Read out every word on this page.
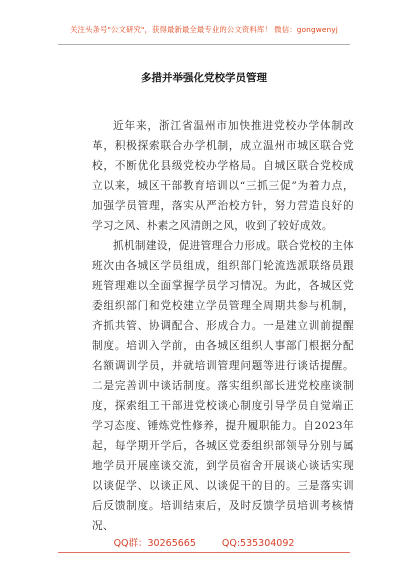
关注头条号"公文研究"，获得最新最全最专业的公文资料库！ 微信：gongwenyj
多措并举强化党校学员管理

近年来，浙江省温州市加快推进党校办学体制改革，积极探索联合办学机制，成立温州市城区联合党校，不断优化县级党校办学格局。自城区联合党校成立以来，城区干部教育培训以“三抓三促”为着力点，加强学员管理，落实从严治校方针，努力营造良好的学习之风、朴素之风清朗之风，收到了较好成效。

抓机制建设，促进管理合力形成。联合党校的主体班次由各城区学员组成，组织部门轮流选派联络员跟班管理难以全面掌握学员学习情况。为此，各城区党委组织部门和党校建立学员管理全周期共参与机制，齐抓共管、协调配合、形成合力。一是建立训前提醒制度。培训入学前，由各城区组织人事部门根据分配名额调训学员，并就培训管理问题等进行谈话提醒。二是完善训中谈话制度。落实组织部长进党校座谈制度，探索组工干部进党校谈心制度引导学员自觉端正学习态度、锤炼党性修养，提升履职能力。自2023年起，每学期开学后，各城区党委组织部领导分别与属地学员开展座谈交流，到学员宿舍开展谈心谈话实现以谈促学、以谈正风、以谈促干的目的。三是落实训后反馈制度。培训结束后，及时反馈学员培训考核情况、

QQ群：30265665	QQ:535304092
